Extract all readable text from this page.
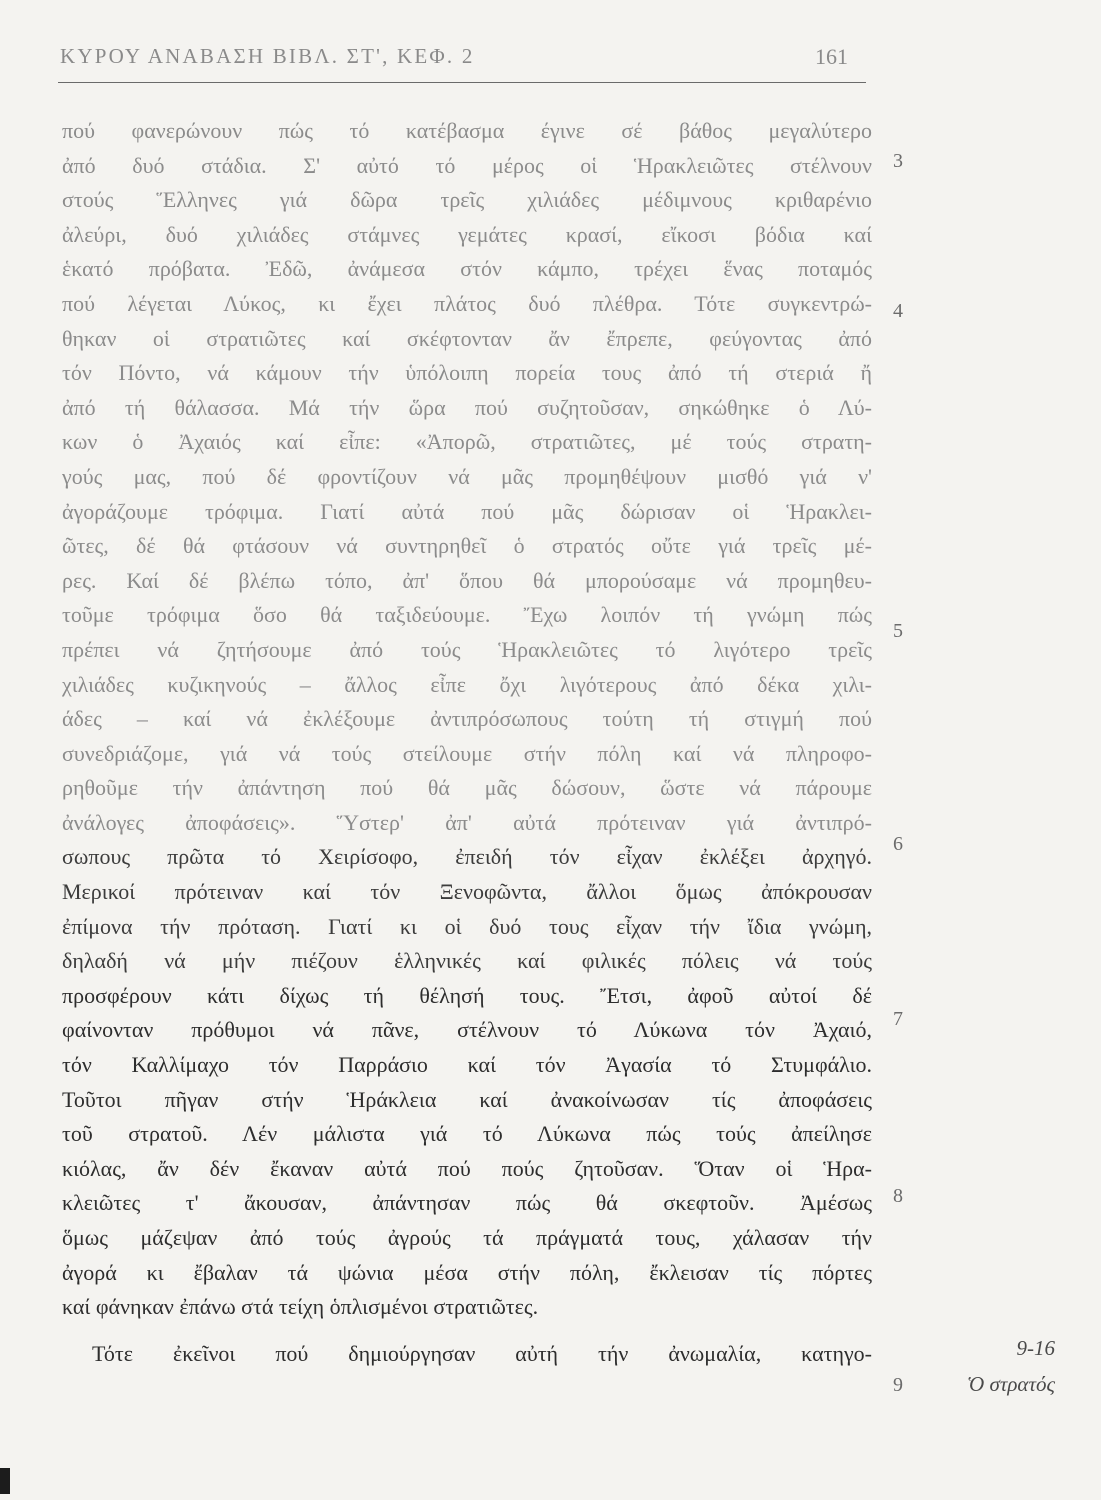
ΚΥΡΟΥ ΑΝΑΒΑΣΗ ΒΙΒΛ. ΣΤ', ΚΕΦ. 2	161
πού φανερώνουν πώς τό κατέβασμα έγινε σέ βάθος μεγαλύτερο
ἀπό δυό στάδια. Σ' αὐτό τό μέρος οἱ Ἡρακλειῶτες στέλνουν
στούς Ἕλληνες γιά δῶρα τρεῖς χιλιάδες μέδιμνους κριθαρένιο
ἀλεύρι, δυό χιλιάδες στάμνες γεμάτες κρασί, εἴκοσι βόδια καί
ἑκατό πρόβατα. Ἐδῶ, ἀνάμεσα στόν κάμπο, τρέχει ἕνας ποταμός
πού λέγεται Λύκος, κι ἔχει πλάτος δυό πλέθρα. Τότε συγκεντρώ-
θηκαν οἱ στρατιῶτες καί σκέφτονταν ἄν ἔπρεπε, φεύγοντας ἀπό
τόν Πόντο, νά κάμουν τήν ὑπόλοιπη πορεία τους ἀπό τή στεριά ἤ
ἀπό τή θάλασσα. Μά τήν ὥρα πού συζητοῦσαν, σηκώθηκε ὁ Λύ-
κων ὁ Ἀχαιός καί εἶπε: «Ἀπορῶ, στρατιῶτες, μέ τούς στρατη-
γούς μας, πού δέ φροντίζουν νά μᾶς προμηθέψουν μισθό γιά ν'
ἀγοράζουμε τρόφιμα. Γιατί αὐτά πού μᾶς δώρισαν οἱ Ἡρακλει-
ῶτες, δέ θά φτάσουν νά συντηρηθεῖ ὁ στρατός οὔτε γιά τρεῖς μέ-
ρες. Καί δέ βλέπω τόπο, ἀπ' ὅπου θά μπορούσαμε νά προμηθευ-
τοῦμε τρόφιμα ὅσο θά ταξιδεύουμε. Ἔχω λοιπόν τή γνώμη πώς
πρέπει νά ζητήσουμε ἀπό τούς Ἡρακλειῶτες τό λιγότερο τρεῖς
χιλιάδες κυζικηνούς – ἄλλος εἶπε ὄχι λιγότερους ἀπό δέκα χιλι-
άδες – καί νά ἐκλέξουμε ἀντιπρόσωπους τούτη τή στιγμή πού
συνεδριάζομε, γιά νά τούς στείλουμε στήν πόλη καί νά πληροφο-
ρηθοῦμε τήν ἀπάντηση πού θά μᾶς δώσουν, ὥστε νά πάρουμε
ἀνάλογες ἀποφάσεις». Ὕστερ' ἀπ' αὐτά πρότειναν γιά ἀντιπρό-
σωπους πρῶτα τό Χειρίσοφο, ἐπειδή τόν εἶχαν ἐκλέξει ἀρχηγό.
Μερικοί πρότειναν καί τόν Ξενοφῶντα, ἄλλοι ὅμως ἀπόκρουσαν
ἐπίμονα τήν πρόταση. Γιατί κι οἱ δυό τους εἶχαν τήν ἴδια γνώμη,
δηλαδή νά μήν πιέζουν ἑλληνικές καί φιλικές πόλεις νά τούς
προσφέρουν κάτι δίχως τή θέλησή τους. Ἔτσι, ἀφοῦ αὐτοί δέ
φαίνονταν πρόθυμοι νά πᾶνε, στέλνουν τό Λύκωνα τόν Ἀχαιό,
τόν Καλλίμαχο τόν Παρράσιο καί τόν Ἀγασία τό Στυμφάλιο.
Τοῦτοι πῆγαν στήν Ἡράκλεια καί ἀνακοίνωσαν τίς ἀποφάσεις
τοῦ στρατοῦ. Λέν μάλιστα γιά τό Λύκωνα πώς τούς ἀπείλησε
κιόλας, ἄν δέν ἔκαναν αὐτά πού πούς ζητοῦσαν. Ὅταν οἱ Ἡρα-
κλειῶτες τ' ἄκουσαν, ἀπάντησαν πώς θά σκεφτοῦν. Ἀμέσως
ὅμως μάζεψαν ἀπό τούς ἀγρούς τά πράγματά τους, χάλασαν τήν
ἀγορά κι ἔβαλαν τά ψώνια μέσα στήν πόλη, ἔκλεισαν τίς πόρτες
καί φάνηκαν ἐπάνω στά τείχη ὁπλισμένοι στρατιῶτες.
Τότε ἐκεῖνοι πού δημιούργησαν αὐτή τήν ἀνωμαλία, κατηγο-
3
4
5
6
7
8
9
9-16
Ὁ στρατός
